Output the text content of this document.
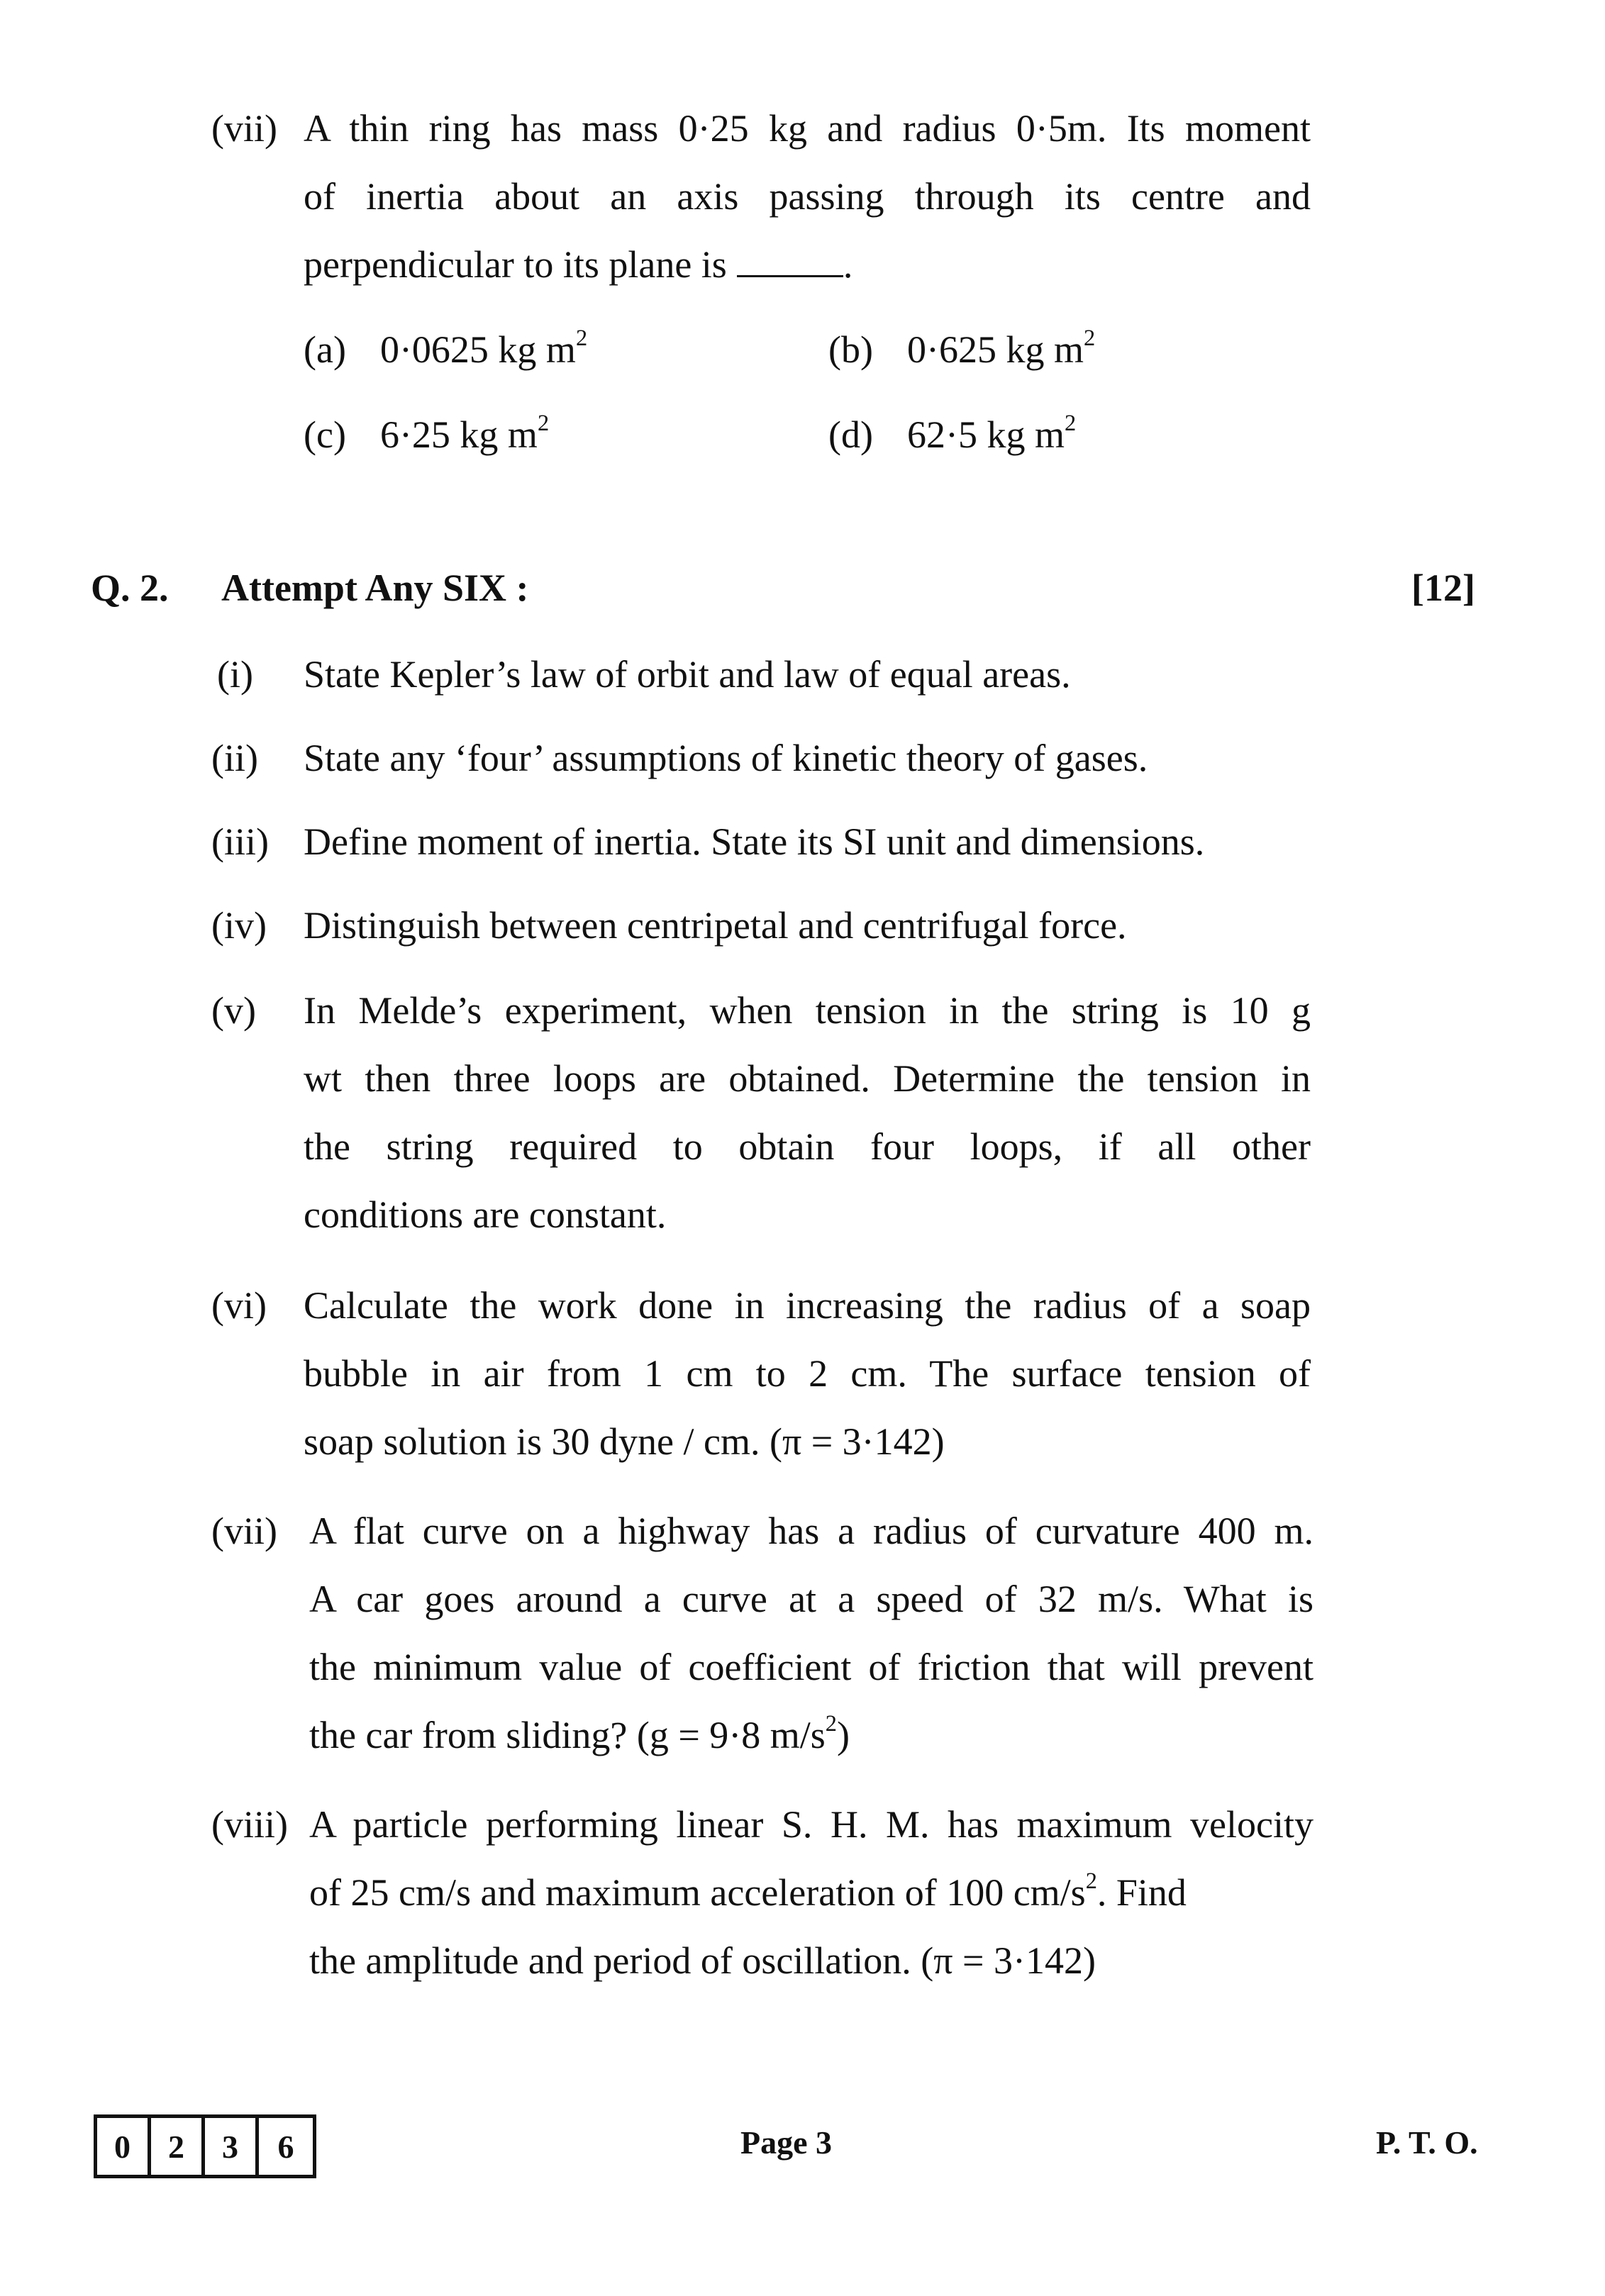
(vii) A thin ring has mass 0·25 kg and radius 0·5m. Its moment
of inertia about an axis passing through its centre and
perpendicular to its plane is	.
(a) 0·0625 kg $m^2$	(b) 0·625 kg $m^2$
(c) 6·25 kg $m^2$	(d) 62·5 kg $m^2$
Q. 2. Attempt Any SIX :	[12]
(i) State Kepler’s law of orbit and law of equal areas.
(ii) State any ‘four’ assumptions of kinetic theory of gases.
(iii) Define moment of inertia. State its SI unit and dimensions.
(iv) Distinguish between centripetal and centrifugal force.
(v) In Melde’s experiment, when tension in the string is 10 g
wt then three loops are obtained. Determine the tension in
the string required to obtain four loops, if all other
conditions are constant.
(vi) Calculate the work done in increasing the radius of a soap
bubble in air from 1 cm to 2 cm. The surface tension of
soap solution is 30 dyne / cm. (π = 3·142)
(vii) A flat curve on a highway has a radius of curvature 400 m.
A car goes around a curve at a speed of 32 m/s. What is
the minimum value of coefficient of friction that will prevent
the car from sliding? (g = 9·8 $m/s^2$)
(viii) A particle performing linear S. H. M. has maximum velocity
of 25 cm/s and maximum acceleration of 100 $cm/s^2$. Find
the amplitude and period of oscillation. (π = 3·142)
0	2	3	6	Page 3	P. T. O.
